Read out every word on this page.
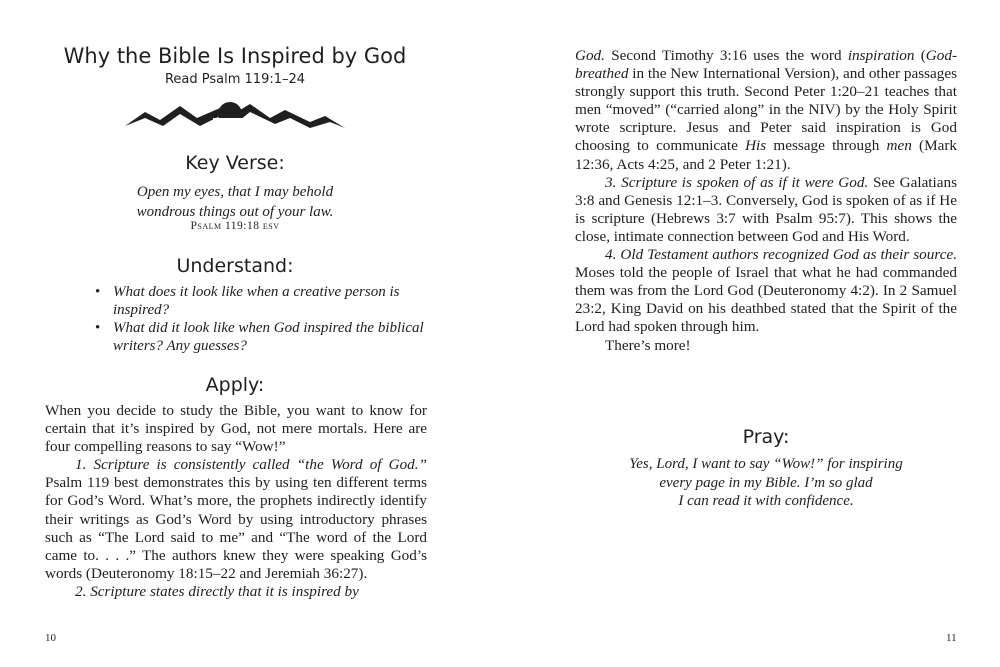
Why the Bible Is Inspired by God
Read Psalm 119:1–24
Key Verse:
Open my eyes, that I may behold
wondrous things out of your law.
Psalm 119:18 esv
Understand:
• What does it look like when a creative person is inspired?
• What did it look like when God inspired the biblical writers? Any guesses?
Apply:

When you decide to study the Bible, you want to know for certain that it’s inspired by God, not mere mortals. Here are four compelling reasons to say “Wow!”

1. Scripture is consistently called “the Word of God.” Psalm 119 best demonstrates this by using ten different terms for God’s Word. What’s more, the prophets indirectly identify their writings as God’s Word by using introductory phrases such as “The Lord said to me” and “The word of the Lord came to. . . .” The authors knew they were speaking God’s words (Deuteronomy 18:15–22 and Jeremiah 36:27).

2. Scripture states directly that it is inspired by

10	11

God. Second Timothy 3:16 uses the word inspiration (God-breathed in the New International Version), and other passages strongly support this truth. Second Peter 1:20–21 teaches that men “moved” (“carried along” in the NIV) by the Holy Spirit wrote scripture. Jesus and Peter said inspiration is God choosing to communicate His message through men (Mark 12:36, Acts 4:25, and 2 Peter 1:21).

3. Scripture is spoken of as if it were God. See Galatians 3:8 and Genesis 12:1–3. Conversely, God is spoken of as if He is scripture (Hebrews 3:7 with Psalm 95:7). This shows the close, intimate connection between God and His Word.

4. Old Testament authors recognized God as their source. Moses told the people of Israel that what he had commanded them was from the Lord God (Deuteronomy 4:2). In 2 Samuel 23:2, King David on his deathbed stated that the Spirit of the Lord had spoken through him.

There’s more!

Pray:
Yes, Lord, I want to say “Wow!” for inspiring
every page in my Bible. I’m so glad
I can read it with confidence.
